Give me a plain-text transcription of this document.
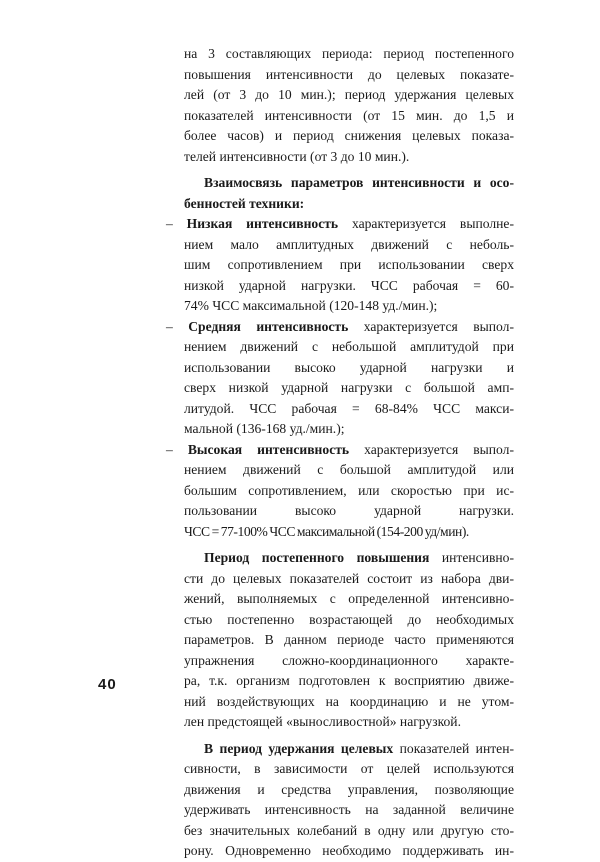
на 3 составляющих периода: период постепенного
повышения интенсивности до целевых показате-
лей (от 3 до 10 мин.); период удержания целевых
показателей интенсивности (от 15 мин. до 1,5 и
более часов) и период снижения целевых показа-
телей интенсивности (от 3 до 10 мин.).
Взаимосвязь параметров интенсивности и осо-
бенностей техники:
– Низкая интенсивность характеризуется выполне-
нием мало амплитудных движений с неболь-
шим сопротивлением при использовании сверх
низкой ударной нагрузки. ЧСС рабочая = 60-
74% ЧСС максимальной (120-148 уд./мин.);
– Средняя интенсивность характеризуется выпол-
нением движений с небольшой амплитудой при
использовании высоко ударной нагрузки и
сверх низкой ударной нагрузки с большой амп-
литудой. ЧСС рабочая = 68-84% ЧСС макси-
мальной (136-168 уд./мин.);
– Высокая интенсивность характеризуется выпол-
нением движений с большой амплитудой или
большим сопротивлением, или скоростью при ис-
пользовании высоко ударной нагрузки.
ЧСС = 77-100% ЧСС максимальной (154-200 уд/мин).
Период постепенного повышения интенсивно-
сти до целевых показателей состоит из набора дви-
жений, выполняемых с определенной интенсивно-
стью постепенно возрастающей до необходимых
параметров. В данном периоде часто применяются
упражнения сложно-координационного характе-
ра, т.к. организм подготовлен к восприятию движе-
ний воздействующих на координацию и не утом-
лен предстоящей «выносливостной» нагрузкой.
В период удержания целевых показателей интен-
сивности, в зависимости от целей используются
движения и средства управления, позволяющие
удерживать интенсивность на заданной величине
без значительных колебаний в одну или другую сто-
рону. Одновременно необходимо поддерживать ин-
40
